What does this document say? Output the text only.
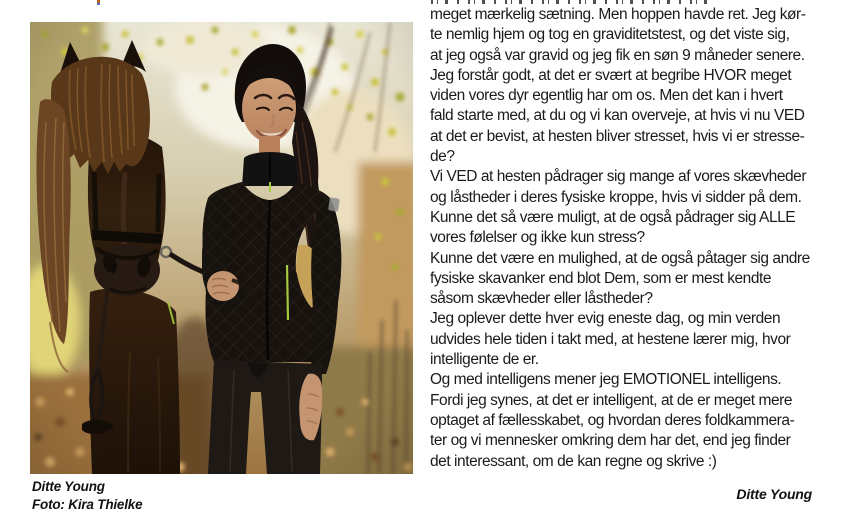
Ditte Young
Foto: Kira Thielke
meget mærkelig sætning. Men hoppen havde ret. Jeg kør-
te nemlig hjem og tog en graviditetstest, og det viste sig,
at jeg også var gravid og jeg fik en søn 9 måneder senere.
Jeg forstår godt, at det er svært at begribe HVOR meget
viden vores dyr egentlig har om os. Men det kan i hvert
fald starte med, at du og vi kan overveje, at hvis vi nu VED
at det er bevist, at hesten bliver stresset, hvis vi er stresse-
de?
Vi VED at hesten pådrager sig mange af vores skævheder
og låstheder i deres fysiske kroppe, hvis vi sidder på dem.
Kunne det så være muligt, at de også pådrager sig ALLE
vores følelser og ikke kun stress?
Kunne det være en mulighed, at de også påtager sig andre
fysiske skavanker end blot Dem, som er mest kendte
såsom skævheder eller låstheder?
Jeg oplever dette hver evig eneste dag, og min verden
udvides hele tiden i takt med, at hestene lærer mig, hvor
intelligente de er.
Og med intelligens mener jeg EMOTIONEL intelligens.
Fordi jeg synes, at det er intelligent, at de er meget mere
optaget af fællesskabet, og hvordan deres foldkammera-
ter og vi mennesker omkring dem har det, end jeg finder
det interessant, om de kan regne og skrive :)
Ditte Young
